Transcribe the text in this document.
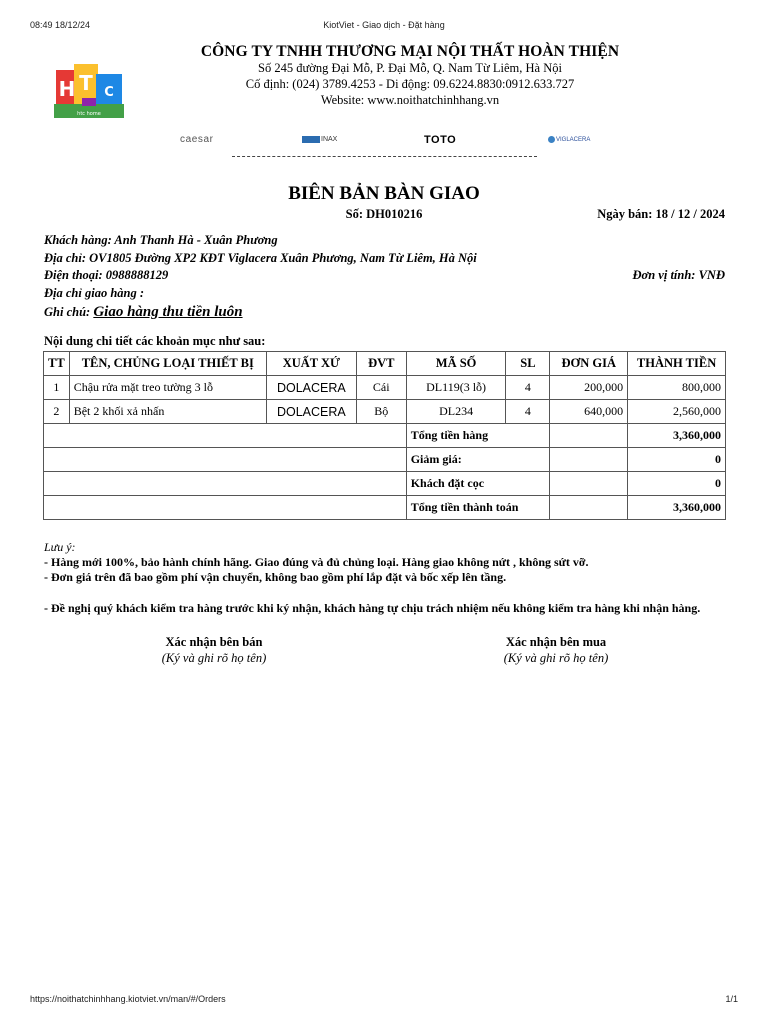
08:49 18/12/24	KiotViet - Giao dịch - Đặt hàng
H T C
htc home
CÔNG TY TNHH THƯƠNG MẠI NỘI THẤT HOÀN THIỆN
Số 245 đường Đại Mỗ, P. Đại Mỗ, Q. Nam Từ Liêm, Hà Nội
Cố định: (024) 3789.4253 - Di động: 09.6224.8830:0912.633.727
Website: www.noithatchinhhang.vn
caesar	INAX	TOTO	VIGLACERA
BIÊN BẢN BÀN GIAO
Số: DH010216	Ngày bán: 18 / 12 / 2024
Khách hàng: Anh Thanh Hà - Xuân Phương
Địa chỉ: OV1805 Đường XP2 KĐT Viglacera Xuân Phương, Nam Từ Liêm, Hà Nội
Điện thoại: 0988888129	Đơn vị tính: VNĐ
Địa chỉ giao hàng :
Ghi chú: Giao hàng thu tiền luôn
Nội dung chi tiết các khoản mục như sau:
TT	TÊN, CHỦNG LOẠI THIẾT BỊ	XUẤT XỨ	ĐVT	MÃ SỐ	SL	ĐƠN GIÁ	THÀNH TIỀN
1	Chậu rửa mặt treo tường 3 lỗ	DOLACERA	Cái	DL119(3 lỗ)	4	200,000	800,000
2	Bệt 2 khối xả nhấn	DOLACERA	Bộ	DL234	4	640,000	2,560,000
				Tổng tiền hàng			3,360,000
				Giảm giá:			0
				Khách đặt cọc			0
				Tổng tiền thành toán			3,360,000
Lưu ý:
- Hàng mới 100%, bảo hành chính hãng. Giao đúng và đủ chủng loại. Hàng giao không nứt , không sứt vỡ.
- Đơn giá trên đã bao gồm phí vận chuyển, không bao gồm phí lắp đặt và bốc xếp lên tầng.
- Đề nghị quý khách kiểm tra hàng trước khi ký nhận, khách hàng tự chịu trách nhiệm nếu không kiểm tra hàng khi nhận hàng.
Xác nhận bên bán
(Ký và ghi rõ họ tên)
Xác nhận bên mua
(Ký và ghi rõ họ tên)
https://noithatchinhhang.kiotviet.vn/man/#/Orders	1/1
